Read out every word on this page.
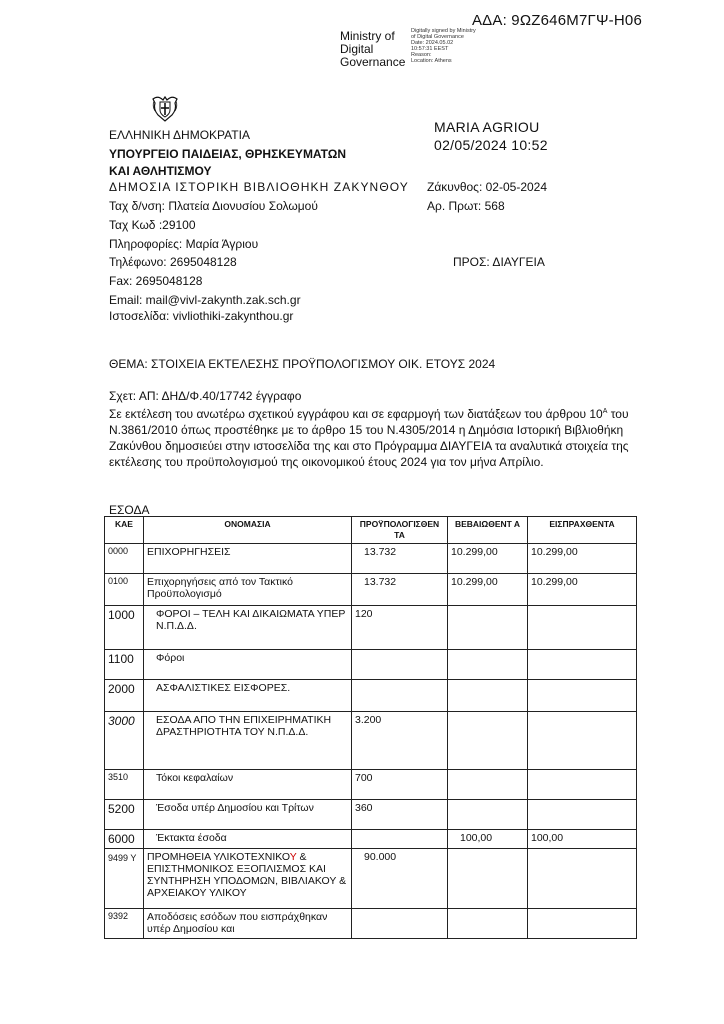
ΑΔΑ: 9ΩΖ646Μ7ΓΨ-Η06
Ministry of
Digital
Governance
Digitally signed by Ministry
of Digital Governance
Date: 2024.05.02
10:57:31 EEST
Reason:
Location: Athens
MARIA AGRIOU
02/05/2024 10:52
ΕΛΛΗΝΙΚΗ ΔΗΜΟΚΡΑΤΙΑ
ΥΠΟΥΡΓΕΙΟ ΠΑΙΔΕΙΑΣ, ΘΡΗΣΚΕΥΜΑΤΩΝ
ΚΑΙ ΑΘΛΗΤΙΣΜΟΥ
ΔΗΜΟΣΙΑ ΙΣΤΟΡΙΚΗ ΒΙΒΛΙΟΘΗΚΗ ΖΑΚΥΝΘΟΥ
Ταχ δ/νση: Πλατεία Διονυσίου Σολωμού
Ταχ Κωδ :29100
Πληροφορίες: Μαρία Άγριου
Τηλέφωνο: 2695048128
Fax: 2695048128
Email: mail@vivl-zakynth.zak.sch.gr
Ιστοσελίδα: vivliothiki-zakynthou.gr
Ζάκυνθος: 02-05-2024
Αρ. Πρωτ: 568
ΠΡΟΣ: ΔΙΑΥΓΕΙΑ
ΘΕΜΑ: ΣΤΟΙΧΕΙΑ ΕΚΤΕΛΕΣΗΣ ΠΡΟΫΠΟΛΟΓΙΣΜΟΥ ΟΙΚ. ΕΤΟΥΣ 2024

Σχετ: ΑΠ: ΔΗΔ/Φ.40/17742 έγγραφο

Σε εκτέλεση του ανωτέρω σχετικού εγγράφου και σε εφαρμογή των διατάξεων του άρθρου $10^A$ του Ν.3861/2010 όπως προστέθηκε με το άρθρο 15 του Ν.4305/2014 η Δημόσια Ιστορική Βιβλιοθήκη Ζακύνθου δημοσιεύει στην ιστοσελίδα της και στο Πρόγραμμα ΔΙΑΥΓΕΙΑ τα αναλυτικά στοιχεία της εκτέλεσης του προϋπολογισμού της οικονομικού έτους 2024 για τον μήνα Απρίλιο.

ΕΣΟΔΑ
ΚΑΕ	ΟΝΟΜΑΣΙΑ	ΠΡΟΫΠΟΛΟΓΙΣΘΕΝ ΤΑ	ΒΕΒΑΙΩΘΕΝΤ Α	ΕΙΣΠΡΑΧΘΕΝΤΑ
0000	ΕΠΙΧΟΡΗΓΗΣΕΙΣ	13.732	10.299,00	10.299,00
0100	Επιχορηγήσεις από τον Τακτικό Προϋπολογισμό	13.732	10.299,00	10.299,00
1000	ΦΟΡΟΙ – ΤΕΛΗ ΚΑΙ ΔΙΚΑΙΩΜΑΤΑ ΥΠΕΡ Ν.Π.Δ.Δ.	120		
1100	Φόροι			
2000	ΑΣΦΑΛΙΣΤΙΚΕΣ ΕΙΣΦΟΡΕΣ.			
3000	ΕΣΟΔΑ ΑΠΟ ΤΗΝ ΕΠΙΧΕΙΡΗΜΑΤΙΚΗ ΔΡΑΣΤΗΡΙΟΤΗΤΑ ΤΟΥ Ν.Π.Δ.Δ.	3.200		
3510	Τόκοι κεφαλαίων	700		
5200	Έσοδα υπέρ Δημοσίου και Τρίτων	360		
6000	Έκτακτα έσοδα		100,00	100,00
9499 Υ	ΠΡΟΜΗΘΕΙΑ ΥΛΙΚΟΤΕΧΝΙΚΟΥ & ΕΠΙΣΤΗΜΟΝΙΚΟΣ ΕΞΟΠΛΙΣΜΟΣ ΚΑΙ ΣΥΝΤΗΡΗΣΗ ΥΠΟΔΟΜΩΝ, ΒΙΒΛΙΑΚΟΥ & ΑΡΧΕΙΑΚΟΥ ΥΛΙΚΟΥ	90.000		
9392	Αποδόσεις εσόδων που εισπράχθηκαν υπέρ Δημοσίου και			
